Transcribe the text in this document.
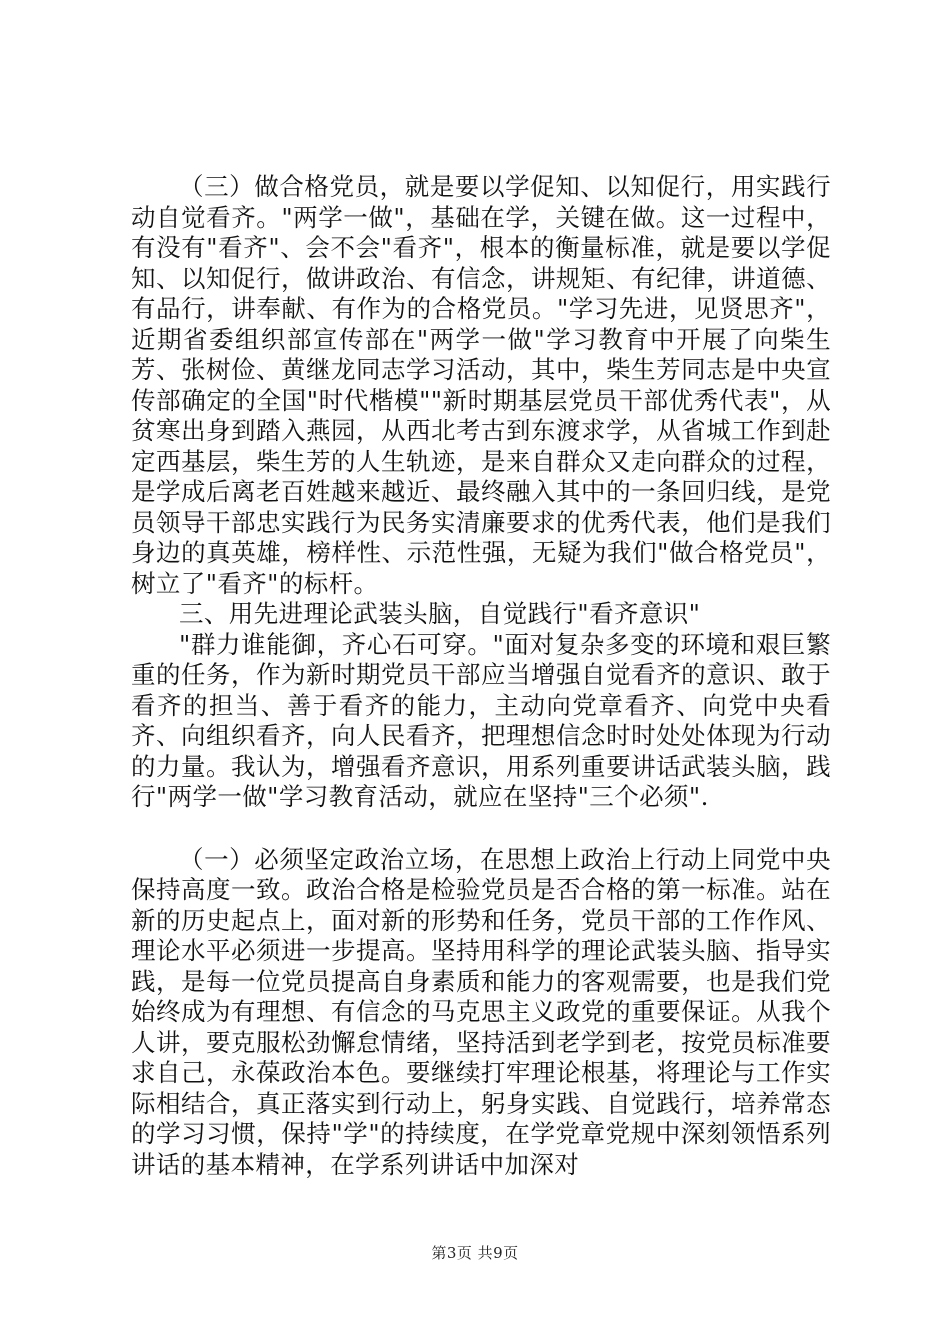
（三）做合格党员，就是要以学促知、以知促行，用实践行动自觉看齐。"两学一做"，基础在学，关键在做。这一过程中，有没有"看齐"、会不会"看齐"，根本的衡量标准，就是要以学促知、以知促行，做讲政治、有信念，讲规矩、有纪律，讲道德、有品行，讲奉献、有作为的合格党员。"学习先进，见贤思齐"，近期省委组织部宣传部在"两学一做"学习教育中开展了向柴生芳、张树俭、黄继龙同志学习活动，其中，柴生芳同志是中央宣传部确定的全国"时代楷模""新时期基层党员干部优秀代表"，从贫寒出身到踏入燕园，从西北考古到东渡求学，从省城工作到赴定西基层，柴生芳的人生轨迹，是来自群众又走向群众的过程，是学成后离老百姓越来越近、最终融入其中的一条回归线，是党员领导干部忠实践行为民务实清廉要求的优秀代表，他们是我们身边的真英雄，榜样性、示范性强，无疑为我们"做合格党员"，树立了"看齐"的标杆。

三、用先进理论武装头脑，自觉践行"看齐意识"

"群力谁能御，齐心石可穿。"面对复杂多变的环境和艰巨繁重的任务，作为新时期党员干部应当增强自觉看齐的意识、敢于看齐的担当、善于看齐的能力，主动向党章看齐、向党中央看齐、向组织看齐，向人民看齐，把理想信念时时处处体现为行动的力量。我认为，增强看齐意识，用系列重要讲话武装头脑，践行"两学一做"学习教育活动，就应在坚持"三个必须".

（一）必须坚定政治立场，在思想上政治上行动上同党中央保持高度一致。政治合格是检验党员是否合格的第一标准。站在新的历史起点上，面对新的形势和任务，党员干部的工作作风、理论水平必须进一步提高。坚持用科学的理论武装头脑、指导实践，是每一位党员提高自身素质和能力的客观需要，也是我们党始终成为有理想、有信念的马克思主义政党的重要保证。从我个人讲，要克服松劲懈怠情绪，坚持活到老学到老，按党员标准要求自己，永葆政治本色。要继续打牢理论根基，将理论与工作实际相结合，真正落实到行动上，躬身实践、自觉践行，培养常态的学习习惯，保持"学"的持续度，在学党章党规中深刻领悟系列讲话的基本精神，在学系列讲话中加深对

第3页 共9页
